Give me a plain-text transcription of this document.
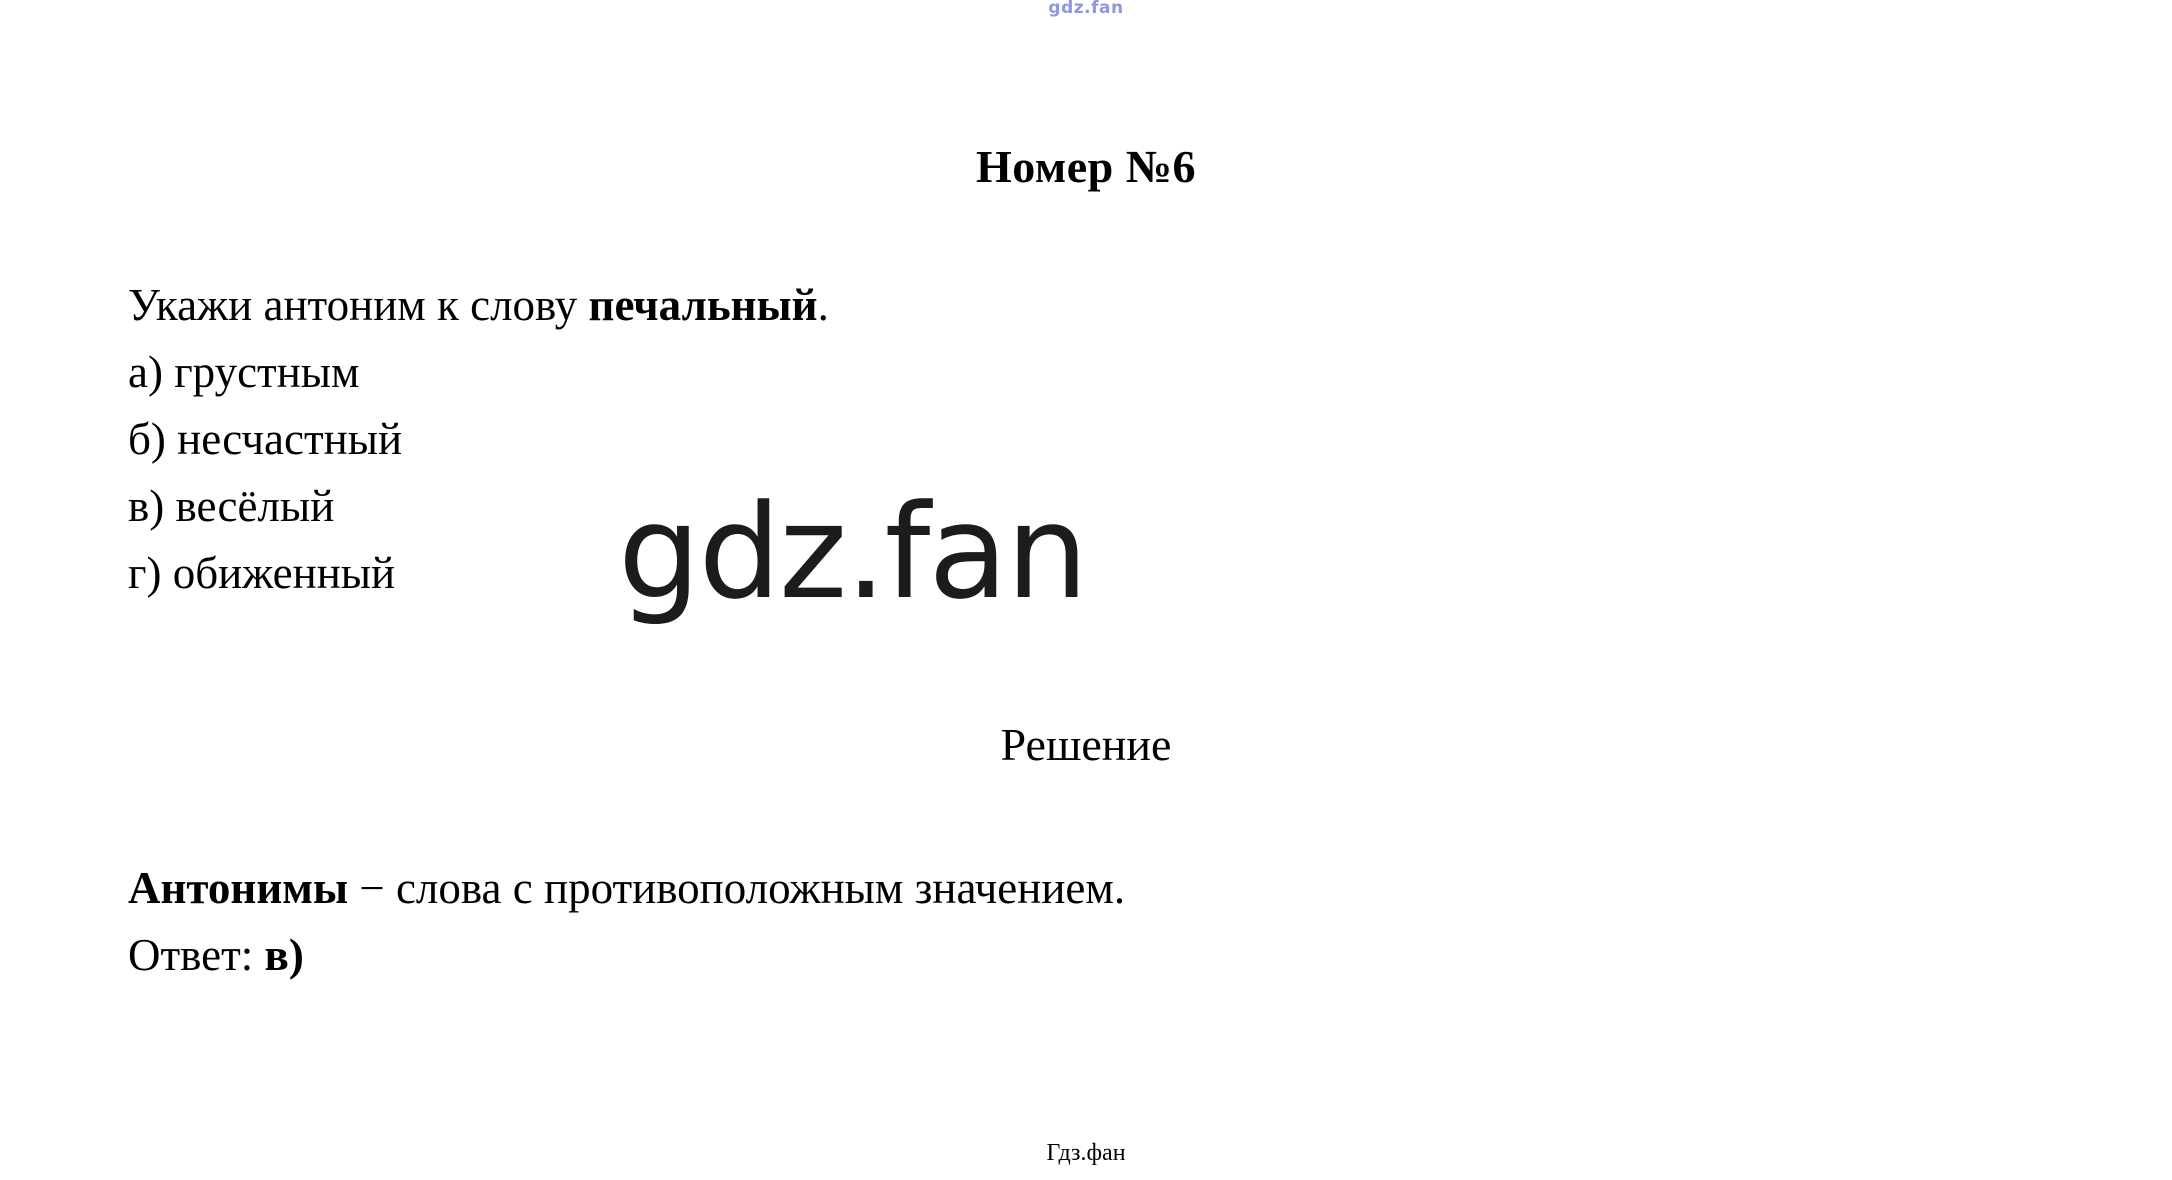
gdz.fan
Номер №6
Укажи антоним к слову печальный.
а) грустным
б) несчастный
в) весёлый
г) обиженный	gdz.fan
Решение
Антонимы − слова с противоположным значением.
Ответ: в)
Гдз.фан
